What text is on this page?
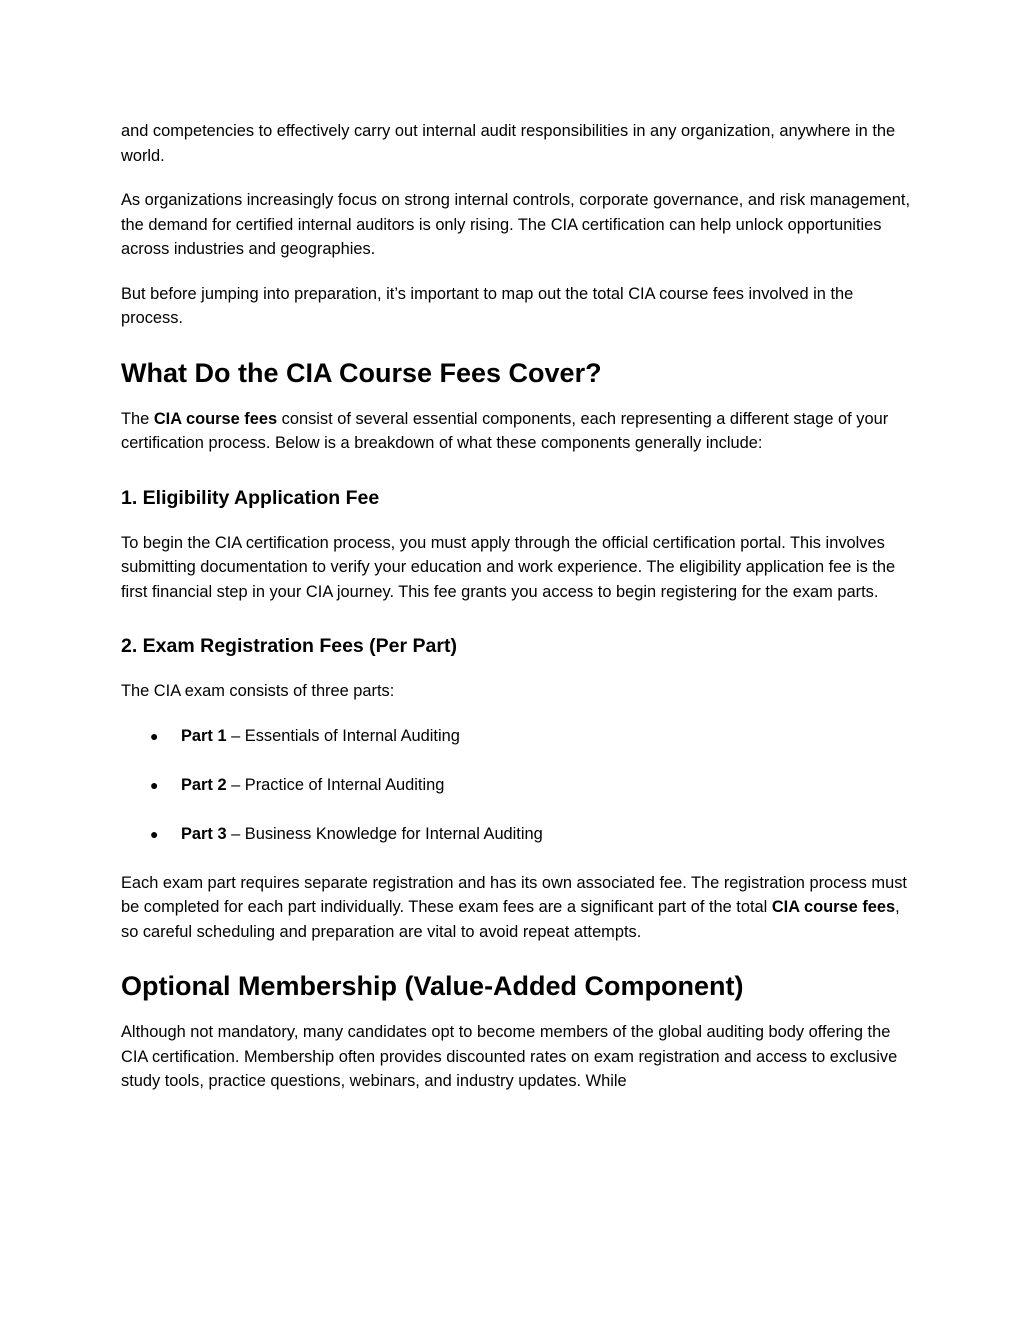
and competencies to effectively carry out internal audit responsibilities in any organization, anywhere in the world.

As organizations increasingly focus on strong internal controls, corporate governance, and risk management, the demand for certified internal auditors is only rising. The CIA certification can help unlock opportunities across industries and geographies.

But before jumping into preparation, it’s important to map out the total CIA course fees involved in the process.

What Do the CIA Course Fees Cover?

The CIA course fees consist of several essential components, each representing a different stage of your certification process. Below is a breakdown of what these components generally include:

1. Eligibility Application Fee

To begin the CIA certification process, you must apply through the official certification portal. This involves submitting documentation to verify your education and work experience. The eligibility application fee is the first financial step in your CIA journey. This fee grants you access to begin registering for the exam parts.

2. Exam Registration Fees (Per Part)

The CIA exam consists of three parts:

● Part 1 – Essentials of Internal Auditing
● Part 2 – Practice of Internal Auditing
● Part 3 – Business Knowledge for Internal Auditing

Each exam part requires separate registration and has its own associated fee. The registration process must be completed for each part individually. These exam fees are a significant part of the total CIA course fees, so careful scheduling and preparation are vital to avoid repeat attempts.

Optional Membership (Value-Added Component)

Although not mandatory, many candidates opt to become members of the global auditing body offering the CIA certification. Membership often provides discounted rates on exam registration and access to exclusive study tools, practice questions, webinars, and industry updates. While
